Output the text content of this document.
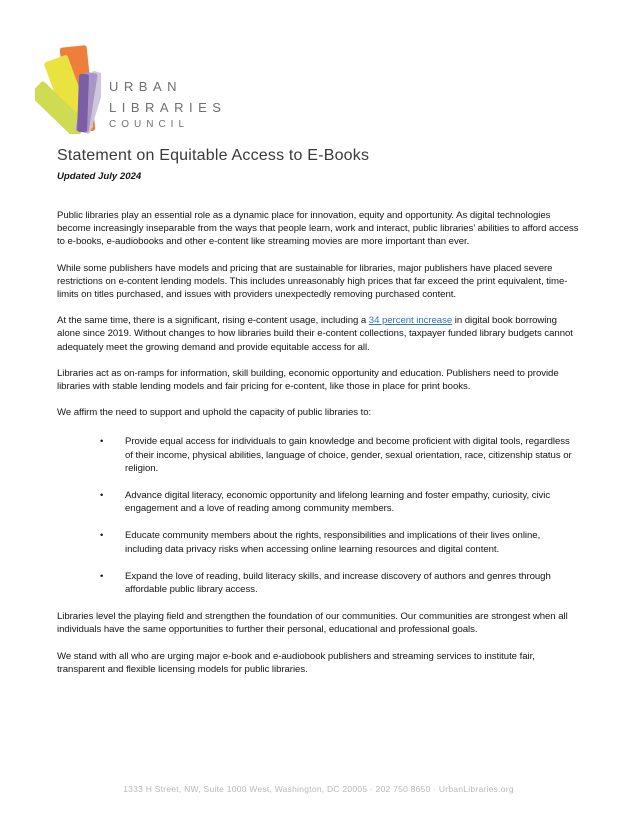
URBAN
LIBRARIES
COUNCIL
Statement on Equitable Access to E-Books
Updated July 2024

Public libraries play an essential role as a dynamic place for innovation, equity and opportunity. As digital technologies become increasingly inseparable from the ways that people learn, work and interact, public libraries’ abilities to afford access to e-books, e-audiobooks and other e-content like streaming movies are more important than ever.

While some publishers have models and pricing that are sustainable for libraries, major publishers have placed severe restrictions on e-content lending models. This includes unreasonably high prices that far exceed the print equivalent, time-limits on titles purchased, and issues with providers unexpectedly removing purchased content.

At the same time, there is a significant, rising e-content usage, including a 34 percent increase in digital book borrowing alone since 2019. Without changes to how libraries build their e-content collections, taxpayer funded library budgets cannot adequately meet the growing demand and provide equitable access for all.

Libraries act as on-ramps for information, skill building, economic opportunity and education. Publishers need to provide libraries with stable lending models and fair pricing for e-content, like those in place for print books.

We affirm the need to support and uphold the capacity of public libraries to:

•	Provide equal access for individuals to gain knowledge and become proficient with digital tools, regardless of their income, physical abilities, language of choice, gender, sexual orientation, race, citizenship status or religion.
•	Advance digital literacy, economic opportunity and lifelong learning and foster empathy, curiosity, civic engagement and a love of reading among community members.
•	Educate community members about the rights, responsibilities and implications of their lives online, including data privacy risks when accessing online learning resources and digital content.
•	Expand the love of reading, build literacy skills, and increase discovery of authors and genres through affordable public library access.

Libraries level the playing field and strengthen the foundation of our communities. Our communities are strongest when all individuals have the same opportunities to further their personal, educational and professional goals.

We stand with all who are urging major e-book and e-audiobook publishers and streaming services to institute fair, transparent and flexible licensing models for public libraries.

1333 H Street, NW, Suite 1000 West, Washington, DC 20005 · 202 750 8650 · UrbanLibraries.org
